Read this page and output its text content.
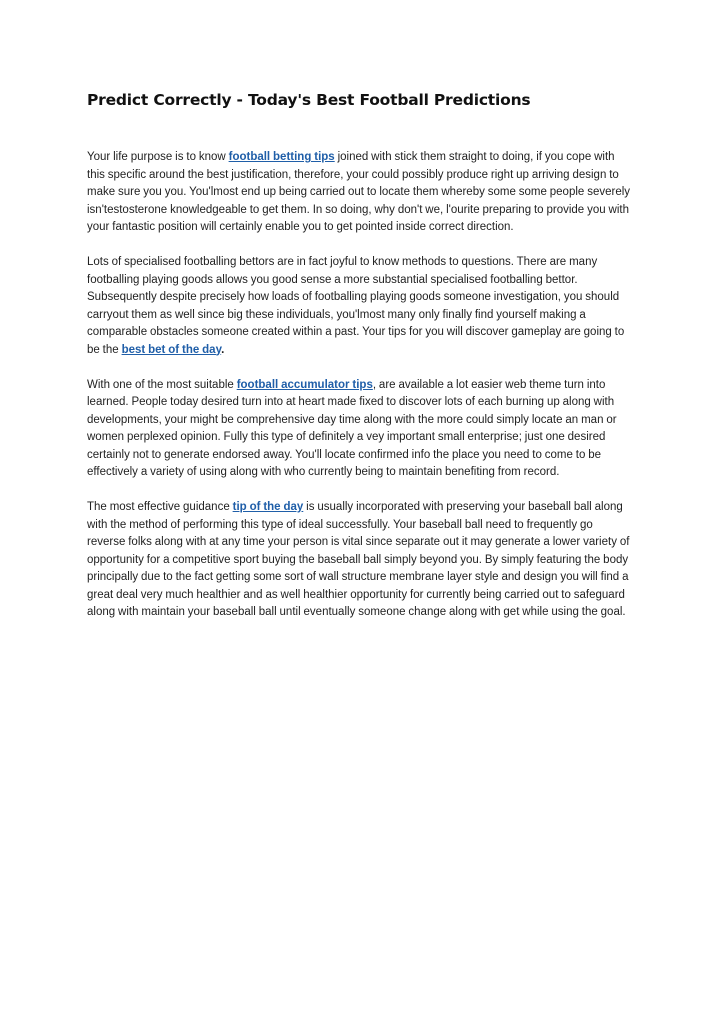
Predict Correctly - Today's Best Football Predictions

Your life purpose is to know football betting tips joined with stick them straight to doing, if you cope with this specific around the best justification, therefore, your could possibly produce right up arriving design to make sure you you. You'lmost end up being carried out to locate them whereby some some people severely isn'testosterone knowledgeable to get them. In so doing, why don't we, l'ourite preparing to provide you with your fantastic position will certainly enable you to get pointed inside correct direction.

Lots of specialised footballing bettors are in fact joyful to know methods to questions. There are many footballing playing goods allows you good sense a more substantial specialised footballing bettor. Subsequently despite precisely how loads of footballing playing goods someone investigation, you should carryout them as well since big these individuals, you'lmost many only finally find yourself making a comparable obstacles someone created within a past. Your tips for you will discover gameplay are going to be the best bet of the day.

With one of the most suitable football accumulator tips, are available a lot easier web theme turn into learned. People today desired turn into at heart made fixed to discover lots of each burning up along with developments, your might be comprehensive day time along with the more could simply locate an man or women perplexed opinion. Fully this type of definitely a vey important small enterprise; just one desired certainly not to generate endorsed away. You'll locate confirmed info the place you need to come to be effectively a variety of using along with who currently being to maintain benefiting from record.

The most effective guidance tip of the day is usually incorporated with preserving your baseball ball along with the method of performing this type of ideal successfully. Your baseball ball need to frequently go reverse folks along with at any time your person is vital since separate out it may generate a lower variety of opportunity for a competitive sport buying the baseball ball simply beyond you. By simply featuring the body principally due to the fact getting some sort of wall structure membrane layer style and design you will find a great deal very much healthier and as well healthier opportunity for currently being carried out to safeguard along with maintain your baseball ball until eventually someone change along with get while using the goal.
